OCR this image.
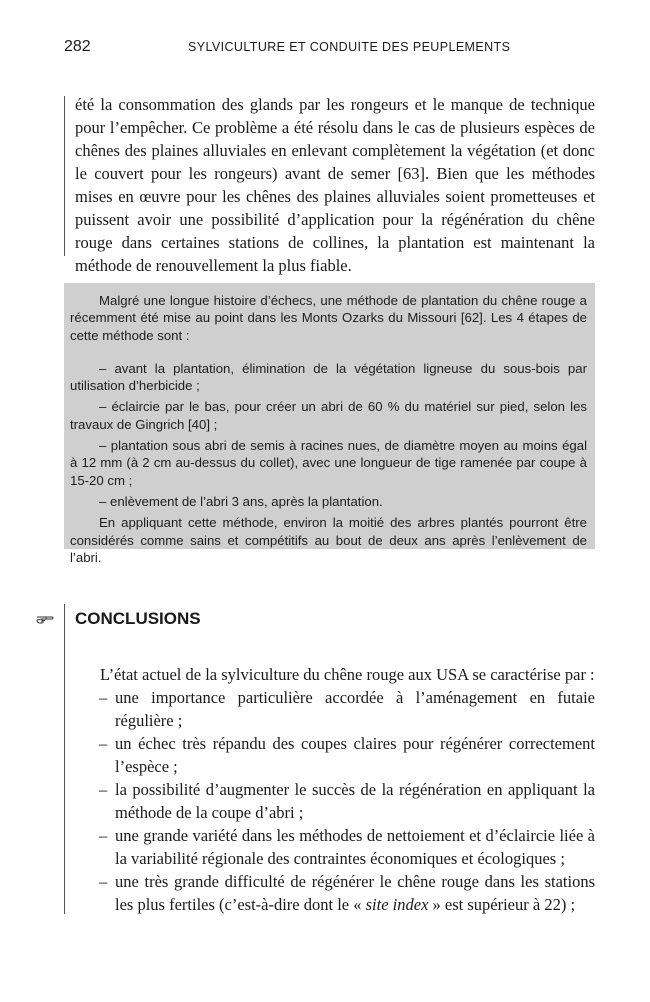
282	SYLVICULTURE ET CONDUITE DES PEUPLEMENTS

été la consommation des glands par les rongeurs et le manque de technique pour l’empêcher. Ce problème a été résolu dans le cas de plusieurs espèces de chênes des plaines alluviales en enlevant complètement la végétation (et donc le couvert pour les rongeurs) avant de semer [63]. Bien que les méthodes mises en œuvre pour les chênes des plaines alluviales soient prometteuses et puissent avoir une possibilité d’application pour la régénération du chêne rouge dans certaines stations de collines, la plantation est maintenant la méthode de renouvellement la plus fiable.

Malgré une longue histoire d’échecs, une méthode de plantation du chêne rouge a récemment été mise au point dans les Monts Ozarks du Missouri [62]. Les 4 étapes de cette méthode sont :

– avant la plantation, élimination de la végétation ligneuse du sous-bois par utilisation d’herbicide ;

– éclaircie par le bas, pour créer un abri de 60 % du matériel sur pied, selon les travaux de Gingrich [40] ;

– plantation sous abri de semis à racines nues, de diamètre moyen au moins égal à 12 mm (à 2 cm au-dessus du collet), avec une longueur de tige ramenée par coupe à 15-20 cm ;

– enlèvement de l’abri 3 ans, après la plantation.

En appliquant cette méthode, environ la moitié des arbres plantés pourront être considérés comme sains et compétitifs au bout de deux ans après l’enlèvement de l’abri.

CONCLUSIONS

L’état actuel de la sylviculture du chêne rouge aux USA se caractérise par :

– une importance particulière accordée à l’aménagement en futaie régulière ;
– un échec très répandu des coupes claires pour régénérer correctement l’espèce ;
– la possibilité d’augmenter le succès de la régénération en appliquant la méthode de la coupe d’abri ;
– une grande variété dans les méthodes de nettoiement et d’éclaircie liée à la variabilité régionale des contraintes économiques et écologiques ;
– une très grande difficulté de régénérer le chêne rouge dans les stations les plus fertiles (c’est-à-dire dont le « site index » est supérieur à 22) ;
